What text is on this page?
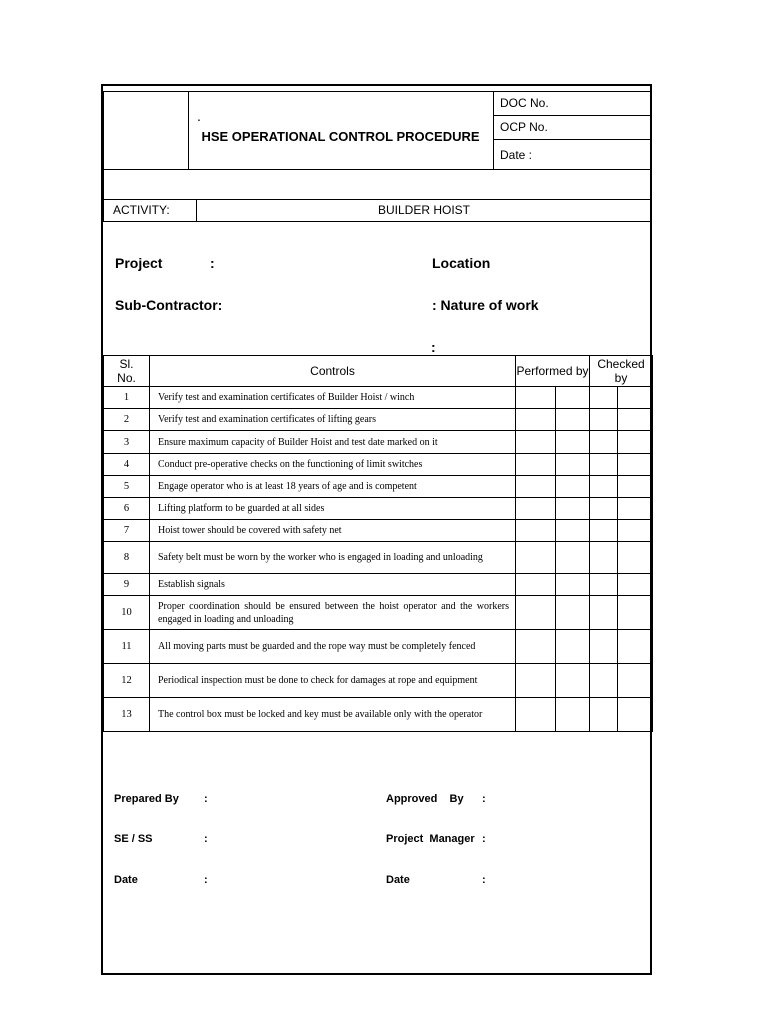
.
HSE OPERATIONAL CONTROL PROCEDURE
DOC No.
OCP No.
Date :
ACTIVITY:	BUILDER HOIST
Project	:	Location
Sub-Contractor:	: Nature of work
:
Sl. No.	Controls	Performed by		Checked by	
1	Verify test and examination certificates of Builder Hoist / winch				
2	Verify test and examination certificates of lifting gears				
3	Ensure maximum capacity of Builder Hoist and test date marked on it				
4	Conduct pre-operative checks on the functioning of limit switches				
5	Engage operator who is at least 18 years of age and is competent				
6	Lifting platform to be guarded at all sides				
7	Hoist tower should be covered with safety net				
8	Safety belt must be worn by the worker who is engaged in loading and unloading				
9	Establish signals				
10	Proper coordination should be ensured between the hoist operator and the workers engaged in loading and unloading				
11	All moving parts must be guarded and the rope way must be completely fenced				
12	Periodical inspection must be done to check for damages at rope and equipment				
13	The control box must be locked and key must be available only with the operator				
Prepared By :	Approved    By :
SE / SS	:	Project  Manager :
Date	:	Date	:
